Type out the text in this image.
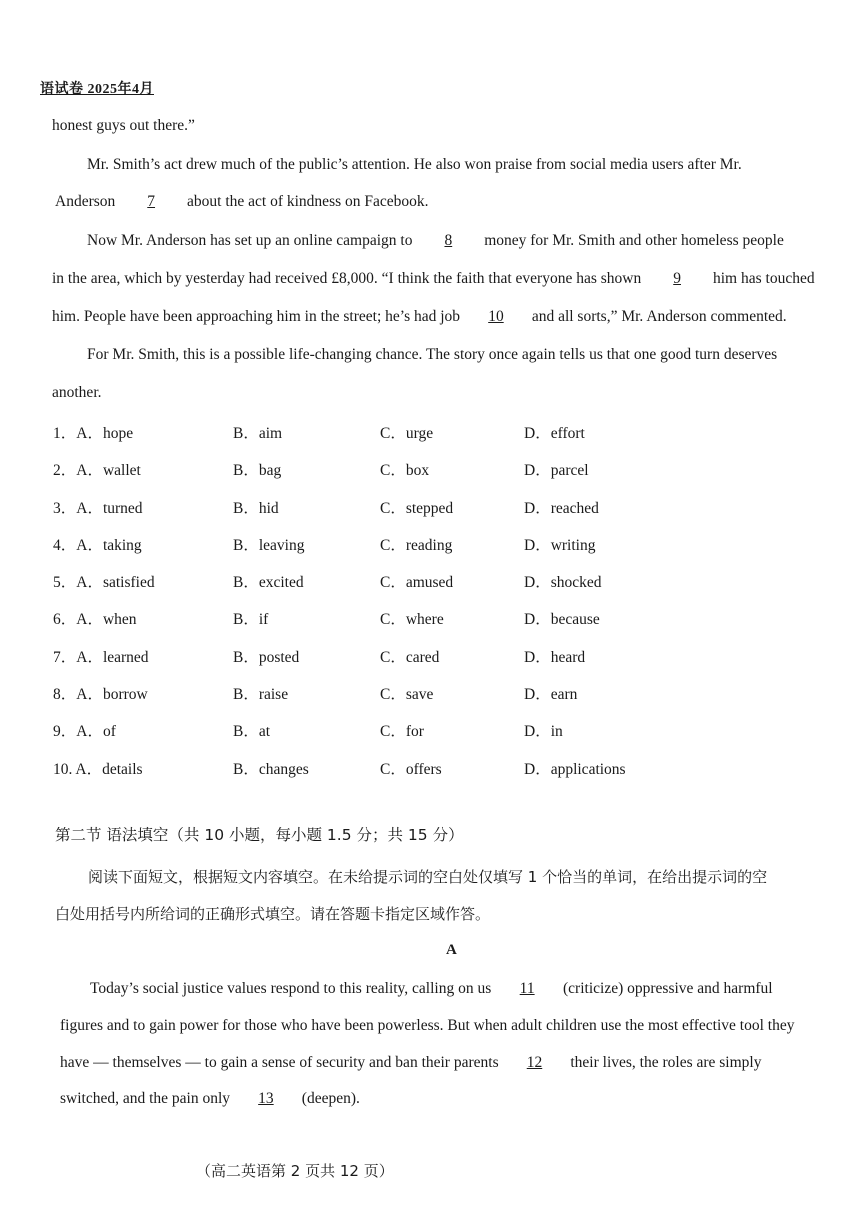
语试卷 2025年4月
honest guys out there.”
Mr. Smith’s act drew much of the public’s attention. He also won praise from social media users after Mr.
Anderson 7 about the act of kindness on Facebook.
Now Mr. Anderson has set up an online campaign to 8 money for Mr. Smith and other homeless people
in the area, which by yesterday had received £8,000. “I think the faith that everyone has shown 9 him has touched
him. People have been approaching him in the street; he’s had job 10 and all sorts,” Mr. Anderson commented.
For Mr. Smith, this is a possible life-changing chance. The story once again tells us that one good turn deserves
another.
1．A．hope	B．aim	C．urge	D．effort
2．A．wallet	B．bag	C．box	D．parcel
3．A．turned	B．hid	C．stepped	D．reached
4．A．taking	B．leaving	C．reading	D．writing
5．A．satisfied	B．excited	C．amused	D．shocked
6．A．when	B．if	C．where	D．because
7．A．learned	B．posted	C．cared	D．heard
8．A．borrow	B．raise	C．save	D．earn
9．A．of	B．at	C．for	D．in
10. A．details	B．changes	C．offers	D．applications
第二节 语法填空（共 10 小题，每小题 1.5 分；共 15 分）
阅读下面短文，根据短文内容填空。在未给提示词的空白处仅填写 1 个恰当的单词，在给出提示词的空
白处用括号内所给词的正确形式填空。请在答题卡指定区域作答。
A
Today’s social justice values respond to this reality, calling on us 11 (criticize) oppressive and harmful
figures and to gain power for those who have been powerless. But when adult children use the most effective tool they
have — themselves — to gain a sense of security and ban their parents 12 their lives, the roles are simply
switched, and the pain only 13 (deepen).
（高二英语第 2 页共 12 页）
